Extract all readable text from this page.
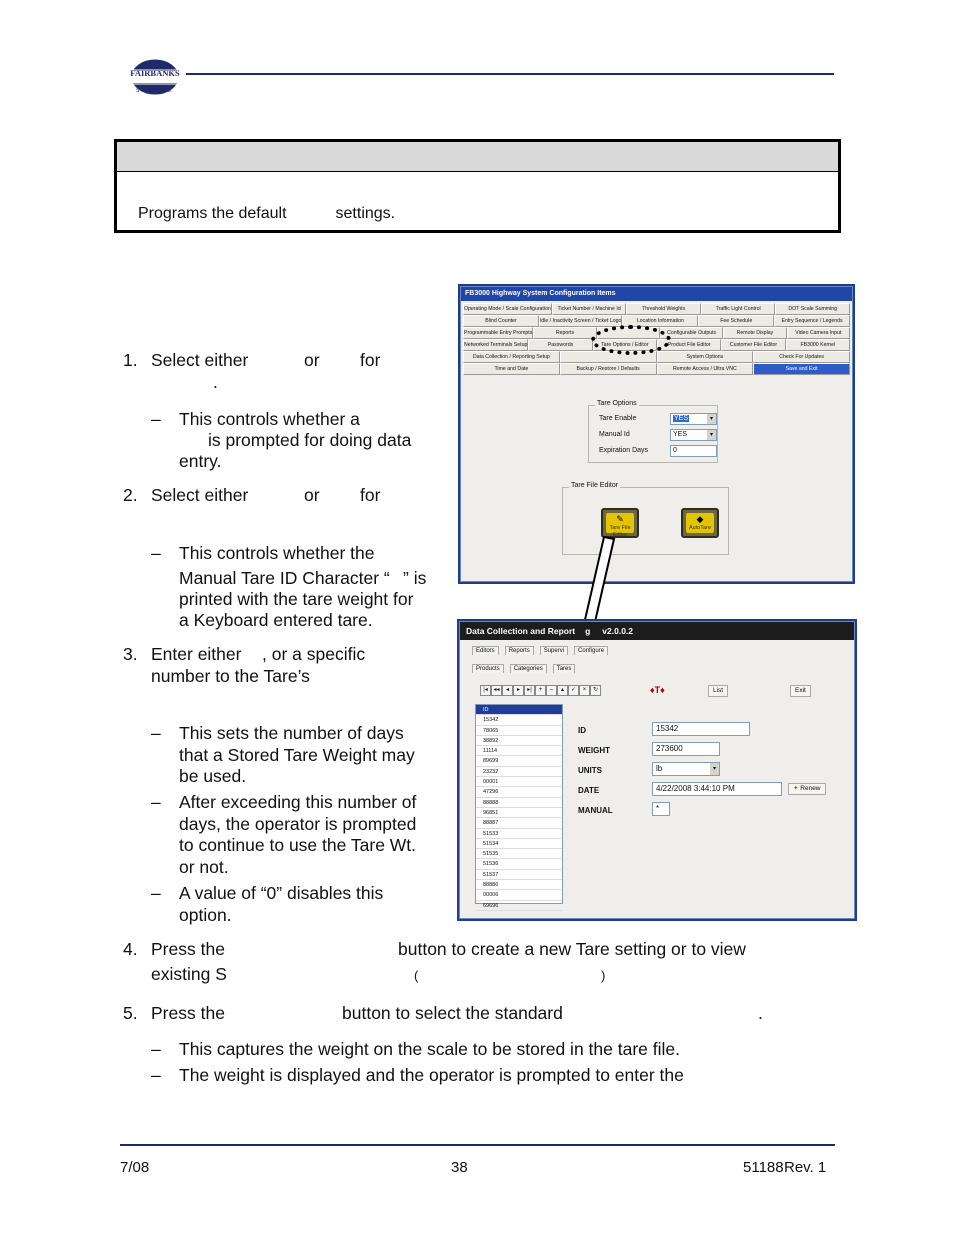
FAIRBANKS
SCALES
Programs the default	settings.
1. Select either	or for
.
– This controls whether a
is prompted for doing data
entry.
2. Select either	or for
– This controls whether the
Manual Tare ID Character “ ” is
printed with the tare weight for
a Keyboard entered tare.
3. Enter either , or a specific
number to the Tare’s
– This sets the number of days
that a Stored Tare Weight may
be used.
– After exceeding this number of
days, the operator is prompted
to continue to use the Tare Wt.
or not.
– A value of “0” disables this
option.
4. Press the	button to create a new Tare setting or to view
existing S	(	)
5. Press the	button to select the standard	.
– This captures the weight on the scale to be stored in the tare file.
– The weight is displayed and the operator is prompted to enter the
FB3000 Highway System Configuration Items
Operating Mode / Scale Configuration	Ticket Number / Machine Id	Threshold Weights	Traffic Light Control	DOT Scale Summing
Blind Counter	Idle / Inactivity Screen / Ticket Logo	Location Information	Fee Schedule	Entry Sequence / Legends
Programmable Entry Prompts	Reports	Configurable Outputs	Remote Display	Video Camera Input
Networked Terminals Setup	Passwords	Tare Options / Editor	Product File Editor	Customer File Editor	FB3000 Kernel
Data Collection / Reporting Setup	System Options	Check For Updates
Time and Date	Backup / Restore / Defaults	Remote Access / Ultra VNC	Save and Exit
Tare Options
Tare Enable	YES	▾
Manual Id	YES	▾
Expiration Days	0
Tare File Editor
✎
Tare File Editor
◆
AutoTare
Data Collection and Report g v2.0.0.2
Editors	Reports	Supervi	Configure
Products	Categories	Tares
|◂ ◂◂	◂	▸	▸|	+	–	▴	✓	×	↻	♦T♦	List	Exit
ID
15342
78065
38892
11114
89699
23232
00001
47296
88888
96851
88887
51533
51534
51535
51536
51537
88886
00006
69696
ID	15342
WEIGHT	273600
UNITS	lb	▾
DATE	4/22/2008 3:44:10 PM	✦ Renew
MANUAL	*
7/08	38	51188 Rev. 1
